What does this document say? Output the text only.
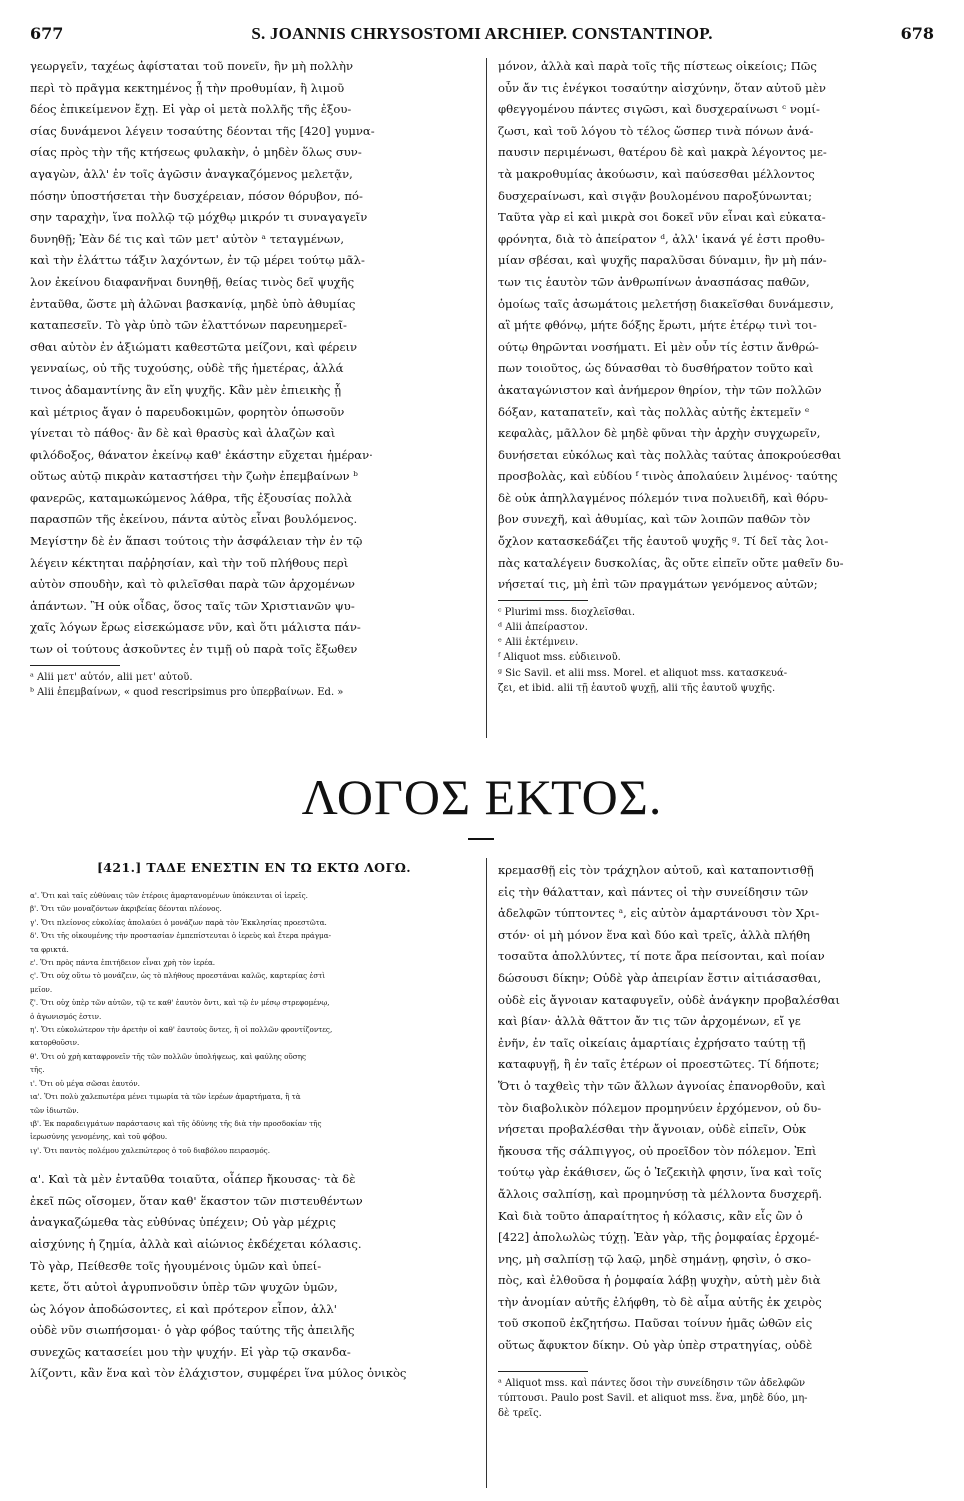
677	S. JOANNIS CHRYSOSTOMI ARCHIEP. CONSTANTINOP.	678
γεωργεῖν, ταχέως ἀφίσταται τοῦ πονεῖν, ἣν μὴ πολλὴν
περὶ τὸ πρᾶγμα κεκτημένος ᾖ τὴν προθυμίαν, ἢ λιμοῦ
δέος ἐπικείμενον ἔχῃ. Εἰ γὰρ οἱ μετὰ πολλῆς τῆς ἐξου-
σίας δυνάμενοι λέγειν τοσαύτης δέονται τῆς [420] γυμνα-
σίας πρὸς τὴν τῆς κτήσεως φυλακὴν, ὁ μηδὲν ὅλως συν-
αγαγὼν, ἀλλ' ἐν τοῖς ἀγῶσιν ἀναγκαζόμενος μελετᾷν,
πόσην ὑποστήσεται τὴν δυσχέρειαν, πόσον θόρυβον, πό-
σην ταραχὴν, ἵνα πολλῷ τῷ μόχθῳ μικρόν τι συναγαγεῖν
δυνηθῇ; Ἐὰν δέ τις καὶ τῶν μετ' αὐτὸν ᵃ τεταγμένων,
καὶ τὴν ἐλάττω τάξιν λαχόντων, ἐν τῷ μέρει τούτῳ μᾶλ-
λον ἐκείνου διαφανῆναι δυνηθῇ, θείας τινὸς δεῖ ψυχῆς
ἐνταῦθα, ὥστε μὴ ἁλῶναι βασκανίᾳ, μηδὲ ὑπὸ ἀθυμίας
καταπεσεῖν. Τὸ γὰρ ὑπὸ τῶν ἐλαττόνων παρευημερεῖ-
σθαι αὐτὸν ἐν ἀξιώματι καθεστῶτα μείζονι, καὶ φέρειν
γενναίως, οὐ τῆς τυχούσης, οὐδὲ τῆς ἡμετέρας, ἀλλά
τινος ἀδαμαντίνης ἂν εἴη ψυχῆς. Κἂν μὲν ἐπιεικὴς ᾖ
καὶ μέτριος ἄγαν ὁ παρευδοκιμῶν, φορητὸν ὁπωσοῦν
γίνεται τὸ πάθος· ἂν δὲ καὶ θρασὺς καὶ ἀλαζὼν καὶ
φιλόδοξος, θάνατον ἐκείνῳ καθ' ἑκάστην εὔχεται ἡμέραν·
οὕτως αὐτῷ πικρὰν καταστήσει τὴν ζωὴν ἐπεμβαίνων ᵇ
φανερῶς, καταμωκώμενος λάθρα, τῆς ἐξουσίας πολλὰ
παρασπῶν τῆς ἐκείνου, πάντα αὐτὸς εἶναι βουλόμενος.
Μεγίστην δὲ ἐν ἅπασι τούτοις τὴν ἀσφάλειαν τὴν ἐν τῷ
λέγειν κέκτηται παῤῥησίαν, καὶ τὴν τοῦ πλήθους περὶ
αὐτὸν σπουδὴν, καὶ τὸ φιλεῖσθαι παρὰ τῶν ἀρχομένων
ἁπάντων. Ἢ οὐκ οἶδας, ὅσος ταῖς τῶν Χριστιανῶν ψυ-
χαῖς λόγων ἔρως εἰσεκώμασε νῦν, καὶ ὅτι μάλιστα πάν-
των οἱ τούτους ἀσκοῦντες ἐν τιμῇ οὐ παρὰ τοῖς ἔξωθεν
ᵃ Alii μετ' αὐτόν, alii μετ' αὐτοῦ.
ᵇ Alii ἐπεμβαίνων, « quod rescripsimus pro ὑπερβαίνων. Ed. »
μόνον, ἀλλὰ καὶ παρὰ τοῖς τῆς πίστεως οἰκείοις; Πῶς
οὖν ἄν τις ἐνέγκοι τοσαύτην αἰσχύνην, ὅταν αὐτοῦ μὲν
φθεγγομένου πάντες σιγῶσι, καὶ δυσχεραίνωσι ᶜ νομί-
ζωσι, καὶ τοῦ λόγου τὸ τέλος ὥσπερ τινὰ πόνων ἀνά-
παυσιν περιμένωσι, θατέρου δὲ καὶ μακρὰ λέγοντος με-
τὰ μακροθυμίας ἀκούωσιν, καὶ παύσεσθαι μέλλοντος
δυσχεραίνωσι, καὶ σιγᾷν βουλομένου παροξύνωνται;
Ταῦτα γὰρ εἰ καὶ μικρὰ σοι δοκεῖ νῦν εἶναι καὶ εὐκατα-
φρόνητα, διὰ τὸ ἀπείρατον ᵈ, ἀλλ' ἱκανά γέ ἐστι προθυ-
μίαν σβέσαι, καὶ ψυχῆς παραλῦσαι δύναμιν, ἣν μὴ πάν-
των τις ἑαυτὸν τῶν ἀνθρωπίνων ἀνασπάσας παθῶν,
ὁμοίως ταῖς ἀσωμάτοις μελετήσῃ διακεῖσθαι δυνάμεσιν,
αἳ μήτε φθόνῳ, μήτε δόξης ἔρωτι, μήτε ἑτέρῳ τινὶ τοι-
ούτῳ θηρῶνται νοσήματι. Εἰ μὲν οὖν τίς ἐστιν ἄνθρώ-
πων τοιοῦτος, ὡς δύνασθαι τὸ δυσθήρατον τοῦτο καὶ
ἀκαταγώνιστον καὶ ἀνήμερον θηρίον, τὴν τῶν πολλῶν
δόξαν, καταπατεῖν, καὶ τὰς πολλὰς αὐτῆς ἐκτεμεῖν ᵉ
κεφαλὰς, μᾶλλον δὲ μηδὲ φῦναι τὴν ἀρχὴν συγχωρεῖν,
δυνήσεται εὐκόλως καὶ τὰς πολλὰς ταύτας ἀποκρούεσθαι
προσβολὰς, καὶ εὐδίου ᶠ τινὸς ἀπολαύειν λιμένος· ταύτης
δὲ οὐκ ἀπηλλαγμένος πόλεμόν τινα πολυειδῆ, καὶ θόρυ-
βον συνεχῆ, καὶ ἀθυμίας, καὶ τῶν λοιπῶν παθῶν τὸν
ὄχλον κατασκεδάζει τῆς ἑαυτοῦ ψυχῆς ᵍ. Τί δεῖ τὰς λοι-
πὰς καταλέγειν δυσκολίας, ἃς οὔτε εἰπεῖν οὔτε μαθεῖν δυ-
νήσεταί τις, μὴ ἐπὶ τῶν πραγμάτων γενόμενος αὐτῶν;
ᶜ Plurimi mss. διοχλεῖσθαι.
ᵈ Alii ἀπείραστον.
ᵉ Alii ἐκτέμνειν.
ᶠ Aliquot mss. εὐδιεινοῦ.
ᵍ Sic Savil. et alii mss. Morel. et aliquot mss. κατασκευά-
ζει, et ibid. alii τῇ ἑαυτοῦ ψυχῇ, alii τῆς ἑαυτοῦ ψυχῆς.
ΛΟΓΟΣ ΕΚΤΟΣ.
[421.] ΤΑΔΕ ΕΝΕΣΤΙΝ ΕΝ ΤΩ ΕΚΤΩ ΛΟΓΩ.
α'. Ὅτι καὶ ταῖς εὐθύναις τῶν ἑτέροις ἁμαρτανομένων ὑπόκεινται οἱ ἱερεῖς.
β'. Ὅτι τῶν μοναζόντων ἀκριβείας δέονται πλέονος.
γ'. Ὅτι πλείονος εὐκολίας ἀπολαύει ὁ μονάζων παρὰ τὸν Ἐκκλησίας προεστῶτα.
δ'. Ὅτι τῆς οἰκουμένης τὴν προστασίαν ἐμπεπίστευται ὁ ἱερεὺς καὶ ἕτερα πράγμα-
τα φρικτά.
ε'. Ὅτι πρὸς πάντα ἐπιτήδειον εἶναι χρὴ τὸν ἱερέα.
ς'. Ὅτι οὐχ οὕτω τὸ μονάζειν, ὡς τὸ πλήθους προεστάναι καλῶς, καρτερίας ἐστὶ
μεῖον.
ζ'. Ὅτι οὐχ ὑπὲρ τῶν αὐτῶν, τῷ τε καθ' ἑαυτὸν ὄντι, καὶ τῷ ἐν μέσῳ στρεφομένῳ,
ὁ ἀγωνισμός ἐστιν.
η'. Ὅτι εὐκολώτερον τὴν ἀρετὴν οἱ καθ' ἑαυτοὺς ὄντες, ἢ οἱ πολλῶν φροντίζοντες,
κατορθοῦσιν.
θ'. Ὅτι οὐ χρὴ καταφρονεῖν τῆς τῶν πολλῶν ὑπολήψεως, καὶ φαύλης οὔσης
τῆς.
ι'. Ὅτι οὐ μέγα σῶσαι ἑαυτόν.
ια'. Ὅτι πολὺ χαλεπωτέρα μένει τιμωρία τὰ τῶν ἱερέων ἁμαρτήματα, ἢ τὰ
τῶν ἰδιωτῶν.
ιβ'. Ἐκ παραδειγμάτων παράστασις καὶ τῆς ὀδύνης τῆς διὰ τὴν προσδοκίαν τῆς
ἱερωσύνης γενομένης, καὶ τοῦ φόβου.
ιγ'. Ὅτι παντὸς πολέμου χαλεπώτερος ὁ τοῦ διαβόλου πειρασμός.
α'. Καὶ τὰ μὲν ἐνταῦθα τοιαῦτα, οἷάπερ ἤκουσας· τὰ δὲ
ἐκεῖ πῶς οἴσομεν, ὅταν καθ' ἕκαστον τῶν πιστευθέντων
ἀναγκαζώμεθα τὰς εὐθύνας ὑπέχειν; Οὐ γὰρ μέχρις
αἰσχύνης ἡ ζημία, ἀλλὰ καὶ αἰώνιος ἐκδέχεται κόλασις.
Τὸ γὰρ, Πείθεσθε τοῖς ἡγουμένοις ὑμῶν καὶ ὑπεί-
κετε, ὅτι αὐτοὶ ἀγρυπνοῦσιν ὑπὲρ τῶν ψυχῶν ὑμῶν,
ὡς λόγον ἀποδώσοντες, εἰ καὶ πρότερον εἶπον, ἀλλ'
οὐδὲ νῦν σιωπήσομαι· ὁ γὰρ φόβος ταύτης τῆς ἀπειλῆς
συνεχῶς κατασείει μου τὴν ψυχήν. Εἰ γὰρ τῷ σκανδα-
λίζοντι, κἂν ἕνα καὶ τὸν ἐλάχιστον, συμφέρει ἵνα μύλος ὀνικὸς
κρεμασθῇ εἰς τὸν τράχηλον αὐτοῦ, καὶ καταποντισθῇ
εἰς τὴν θάλατταν, καὶ πάντες οἱ τὴν συνείδησιν τῶν
ἀδελφῶν τύπτοντες ᵃ, εἰς αὐτὸν ἁμαρτάνουσι τὸν Χρι-
στόν· οἱ μὴ μόνον ἕνα καὶ δύο καὶ τρεῖς, ἀλλὰ πλήθη
τοσαῦτα ἀπολλύντες, τί ποτε ἄρα πείσονται, καὶ ποίαν
δώσουσι δίκην; Οὐδὲ γὰρ ἀπειρίαν ἔστιν αἰτιάσασθαι,
οὐδὲ εἰς ἄγνοιαν καταφυγεῖν, οὐδὲ ἀνάγκην προβαλέσθαι
καὶ βίαν· ἀλλὰ θᾶττον ἄν τις τῶν ἀρχομένων, εἴ γε
ἐνῆν, ἐν ταῖς οἰκείαις ἁμαρτίαις ἐχρήσατο ταύτῃ τῇ
καταφυγῇ, ἢ ἐν ταῖς ἑτέρων οἱ προεστῶτες. Τί δήποτε;
Ὅτι ὁ ταχθεὶς τὴν τῶν ἄλλων ἀγνοίας ἐπανορθοῦν, καὶ
τὸν διαβολικὸν πόλεμον προμηνύειν ἐρχόμενον, οὐ δυ-
νήσεται προβαλέσθαι τὴν ἄγνοιαν, οὐδὲ εἰπεῖν, Οὐκ
ἤκουσα τῆς σάλπιγγος, οὐ προεῖδον τὸν πόλεμον. Ἐπὶ
τούτῳ γὰρ ἐκάθισεν, ὥς ὁ Ἰεζεκιὴλ φησιν, ἵνα καὶ τοῖς
ἄλλοις σαλπίσῃ, καὶ προμηνύσῃ τὰ μέλλοντα δυσχερῆ.
Καὶ διὰ τοῦτο ἀπαραίτητος ἡ κόλασις, κἂν εἷς ὢν ὁ
[422] ἀπολωλὼς τύχῃ. Ἐὰν γὰρ, τῆς ῥομφαίας ἐρχομέ-
νης, μὴ σαλπίσῃ τῷ λαῷ, μηδὲ σημάνῃ, φησὶν, ὁ σκο-
πὸς, καὶ ἐλθοῦσα ἡ ῥομφαία λάβῃ ψυχὴν, αὐτὴ μὲν διὰ
τὴν ἀνομίαν αὐτῆς ἐλήφθη, τὸ δὲ αἷμα αὐτῆς ἐκ χειρὸς
τοῦ σκοποῦ ἐκζητήσω. Παῦσαι τοίνυν ἡμᾶς ὠθῶν εἰς
οὕτως ἄφυκτον δίκην. Οὐ γὰρ ὑπὲρ στρατηγίας, οὐδὲ
ᵃ Aliquot mss. καὶ πάντες ὅσοι τὴν συνείδησιν τῶν ἀδελφῶν
τύπτουσι. Paulo post Savil. et aliquot mss. ἕνα, μηδὲ δύο, μη-
δὲ τρεῖς.
